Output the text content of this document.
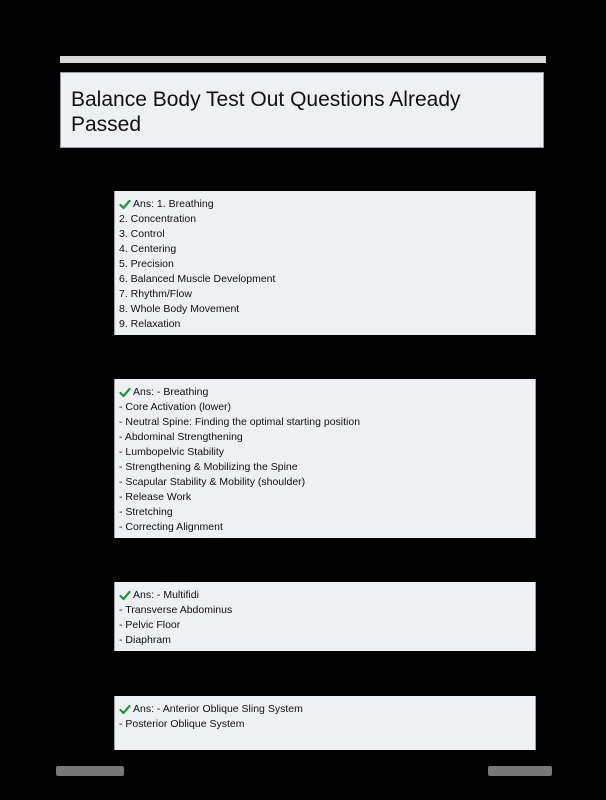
Balance Body Test Out Questions Already
Passed
Ans: 1. Breathing
2. Concentration
3. Control
4. Centering
5. Precision
6. Balanced Muscle Development
7. Rhythm/Flow
8. Whole Body Movement
9. Relaxation
Ans: - Breathing
- Core Activation (lower)
- Neutral Spine: Finding the optimal starting position
- Abdominal Strengthening
- Lumbopelvic Stability
- Strengthening & Mobilizing the Spine
- Scapular Stability & Mobility (shoulder)
- Release Work
- Stretching
- Correcting Alignment
Ans: - Multifidi
- Transverse Abdominus
- Pelvic Floor
- Diaphram
Ans: - Anterior Oblique Sling System
- Posterior Oblique System
